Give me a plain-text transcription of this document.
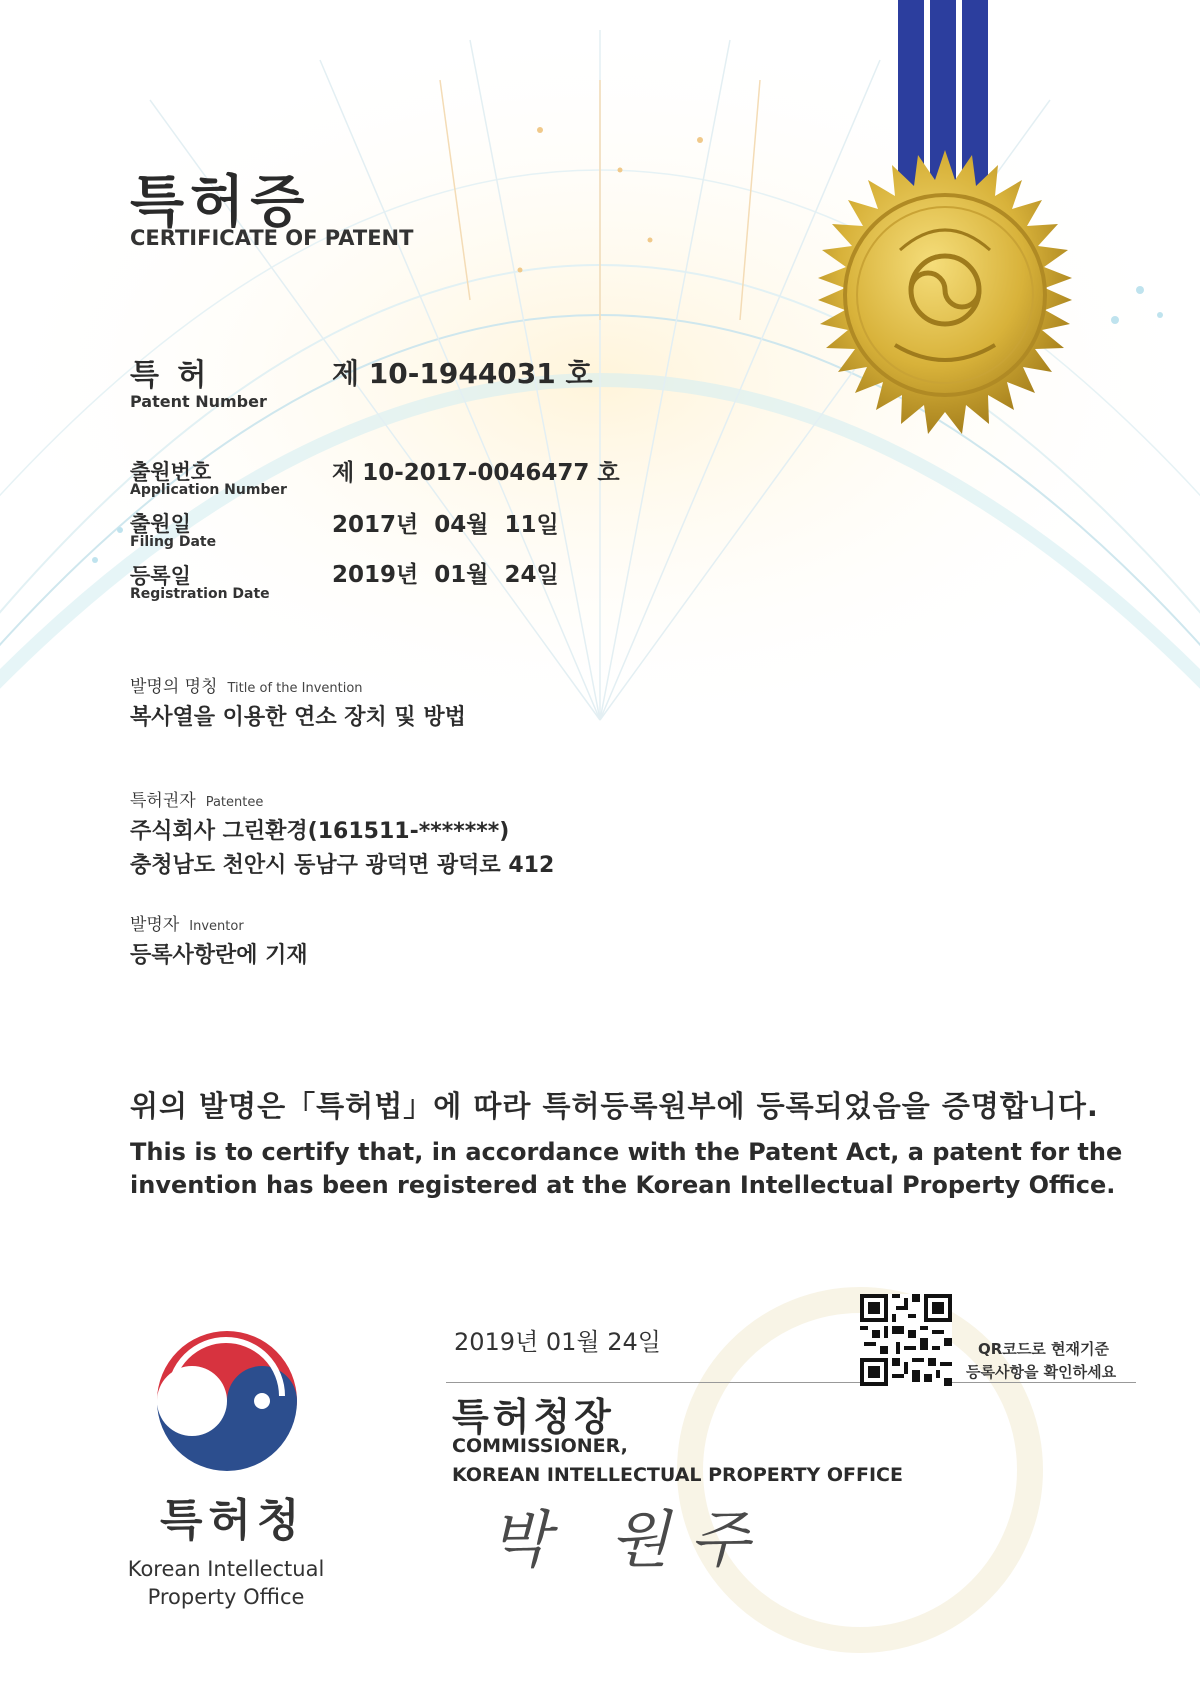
특허증
CERTIFICATE OF PATENT
특 허
Patent Number
제 10-1944031 호
출원번호
Application Number
제 10-2017-0046477 호
출원일
Filing Date
2017년  04월  11일
등록일
Registration Date
2019년  01월  24일
발명의 명칭 Title of the Invention
복사열을 이용한 연소 장치 및 방법
특허권자 Patentee
주식회사 그린환경(161511-*******)
충청남도 천안시 동남구 광덕면 광덕로 412
발명자 Inventor
등록사항란에 기재
위의 발명은「특허법」에 따라 특허등록원부에 등록되었음을 증명합니다.
This is to certify that, in accordance with the Patent Act, a patent for the invention has been registered at the Korean Intellectual Property Office.
2019년 01월 24일
특허청장
COMMISSIONER,
KOREAN INTELLECTUAL PROPERTY OFFICE
박 원주
QR코드로 현재기준
등록사항을 확인하세요
특허청
Korean Intellectual Property Office
